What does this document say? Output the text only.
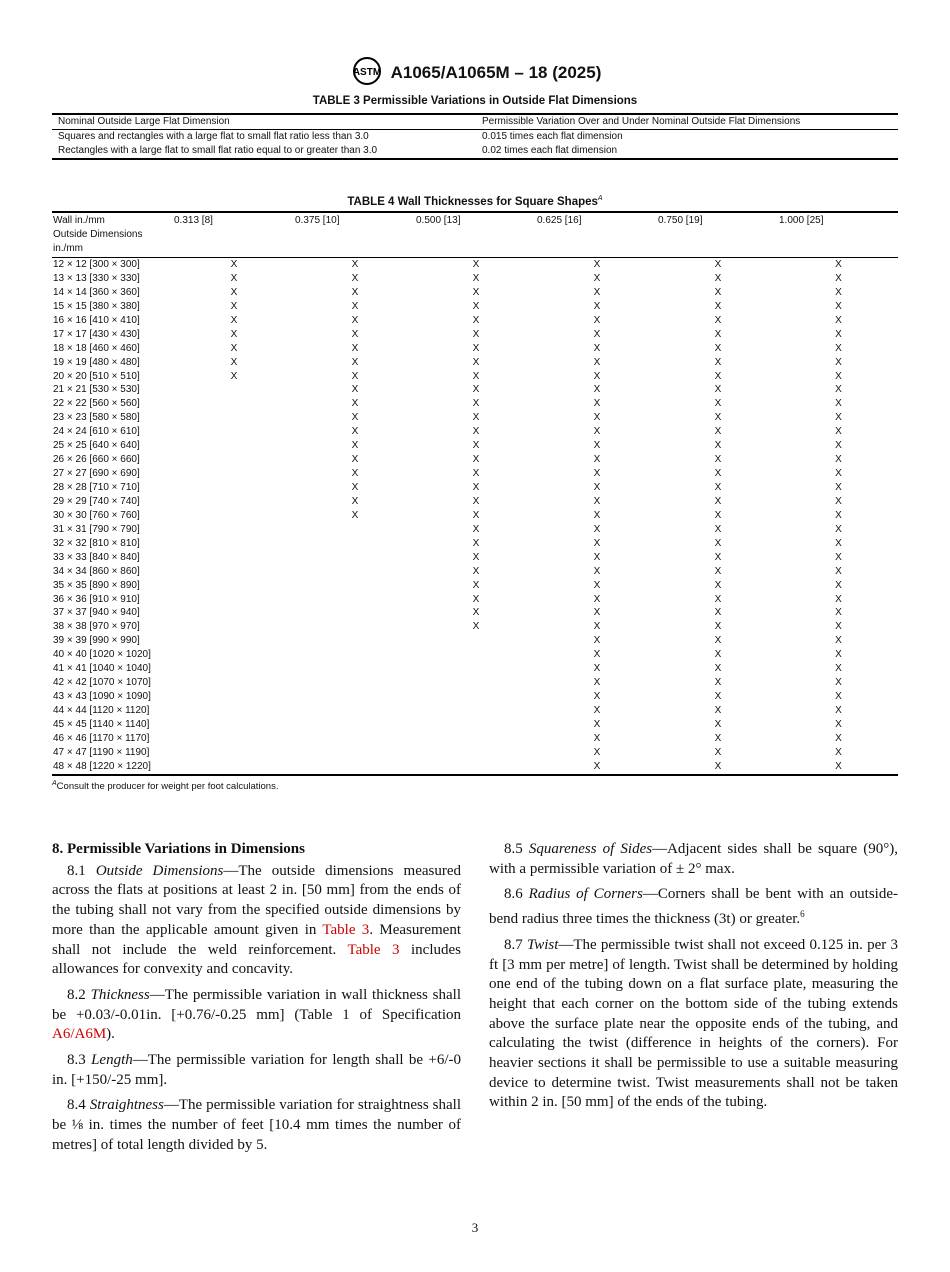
ASTM A1065/A1065M – 18 (2025)
TABLE 3 Permissible Variations in Outside Flat Dimensions
Nominal Outside Large Flat Dimension	Permissible Variation Over and Under Nominal Outside Flat Dimensions
Squares and rectangles with a large flat to small flat ratio less than 3.0	0.015 times each flat dimension
Rectangles with a large flat to small flat ratio equal to or greater than 3.0	0.02 times each flat dimension
TABLE 4 Wall Thicknesses for Square Shapes$^A$
Wall in./mm
Outside Dimensions
in./mm	0.313 [8]	0.375 [10]	0.500 [13]	0.625 [16]	0.750 [19]	1.000 [25]
12 × 12 [300 × 300]	X	X	X	X	X	X
13 × 13 [330 × 330]	X	X	X	X	X	X
14 × 14 [360 × 360]	X	X	X	X	X	X
15 × 15 [380 × 380]	X	X	X	X	X	X
16 × 16 [410 × 410]	X	X	X	X	X	X
17 × 17 [430 × 430]	X	X	X	X	X	X
18 × 18 [460 × 460]	X	X	X	X	X	X
19 × 19 [480 × 480]	X	X	X	X	X	X
20 × 20 [510 × 510]	X	X	X	X	X	X
21 × 21 [530 × 530]		X	X	X	X	X
22 × 22 [560 × 560]		X	X	X	X	X
23 × 23 [580 × 580]		X	X	X	X	X
24 × 24 [610 × 610]		X	X	X	X	X
25 × 25 [640 × 640]		X	X	X	X	X
26 × 26 [660 × 660]		X	X	X	X	X
27 × 27 [690 × 690]		X	X	X	X	X
28 × 28 [710 × 710]		X	X	X	X	X
29 × 29 [740 × 740]		X	X	X	X	X
30 × 30 [760 × 760]		X	X	X	X	X
31 × 31 [790 × 790]			X	X	X	X
32 × 32 [810 × 810]			X	X	X	X
33 × 33 [840 × 840]			X	X	X	X
34 × 34 [860 × 860]			X	X	X	X
35 × 35 [890 × 890]			X	X	X	X
36 × 36 [910 × 910]			X	X	X	X
37 × 37 [940 × 940]			X	X	X	X
38 × 38 [970 × 970]			X	X	X	X
39 × 39 [990 × 990]				X	X	X
40 × 40 [1020 × 1020]				X	X	X
41 × 41 [1040 × 1040]				X	X	X
42 × 42 [1070 × 1070]				X	X	X
43 × 43 [1090 × 1090]				X	X	X
44 × 44 [1120 × 1120]				X	X	X
45 × 45 [1140 × 1140]				X	X	X
46 × 46 [1170 × 1170]				X	X	X
47 × 47 [1190 × 1190]				X	X	X
48 × 48 [1220 × 1220]				X	X	X
$^A$Consult the producer for weight per foot calculations.
8. Permissible Variations in Dimensions

8.1 Outside Dimensions—The outside dimensions measured across the flats at positions at least 2 in. [50 mm] from the ends of the tubing shall not vary from the specified outside dimensions by more than the applicable amount given in Table 3. Measurement shall not include the weld reinforcement. Table 3 includes allowances for convexity and concavity.

8.2 Thickness—The permissible variation in wall thickness shall be +0.03/-0.01in. [+0.76/-0.25 mm] (Table 1 of Specification A6/A6M).

8.3 Length—The permissible variation for length shall be +6/-0 in. [+150/-25 mm].

8.4 Straightness—The permissible variation for straightness shall be ⅛ in. times the number of feet [10.4 mm times the number of metres] of total length divided by 5.

8.5 Squareness of Sides—Adjacent sides shall be square (90°), with a permissible variation of ± 2° max.

8.6 Radius of Corners—Corners shall be bent with an outside-bend radius three times the thickness (3t) or greater.$^6$

8.7 Twist—The permissible twist shall not exceed 0.125 in. per 3 ft [3 mm per metre] of length. Twist shall be determined by holding one end of the tubing down on a flat surface plate, measuring the height that each corner on the bottom side of the tubing extends above the surface plate near the opposite ends of the tubing, and calculating the twist (difference in heights of the corners). For heavier sections it shall be permissible to use a suitable measuring device to determine twist. Twist measurements shall not be taken within 2 in. [50 mm] of the ends of the tubing.

3
